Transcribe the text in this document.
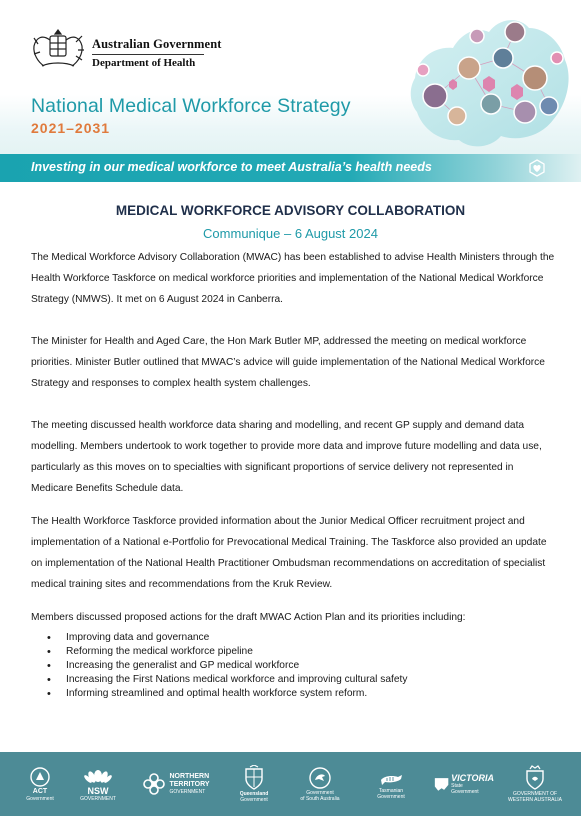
Australian Government
Department of Health
National Medical Workforce Strategy
2021–2031
Investing in our medical workforce to meet Australia’s health needs
MEDICAL WORKFORCE ADVISORY COLLABORATION
Communique – 6 August 2024

The Medical Workforce Advisory Collaboration (MWAC) has been established to advise Health Ministers through the Health Workforce Taskforce on medical workforce priorities and implementation of the National Medical Workforce Strategy (NMWS). It met on 6 August 2024 in Canberra.

The Minister for Health and Aged Care, the Hon Mark Butler MP, addressed the meeting on medical workforce priorities. Minister Butler outlined that MWAC’s advice will guide implementation of the National Medical Workforce Strategy and responses to complex health system challenges.

The meeting discussed health workforce data sharing and modelling, and recent GP supply and demand data modelling. Members undertook to work together to provide more data and improve future modelling and data use, particularly as this moves on to specialties with significant proportions of service delivery not represented in Medicare Benefits Schedule data.

The Health Workforce Taskforce provided information about the Junior Medical Officer recruitment project and implementation of a National e-Portfolio for Prevocational Medical Training. The Taskforce also provided an update on implementation of the National Health Practitioner Ombudsman recommendations on accreditation of specialist medical training sites and recommendations from the Kruk Review.

Members discussed proposed actions for the draft MWAC Action Plan and its priorities including:

• Improving data and governance
• Reforming the medical workforce pipeline
• Increasing the generalist and GP medical workforce
• Increasing the First Nations medical workforce and improving cultural safety
• Informing streamlined and optimal health workforce system reform.
ACT
Government
NSW
GOVERNMENT
NORTHERN
TERRITORY
GOVERNMENT	Queensland
Government
Government
of South Australia
Tasmanian
Government
VICTORIA
State
Government	GOVERNMENT OF
WESTERN AUSTRALIA
